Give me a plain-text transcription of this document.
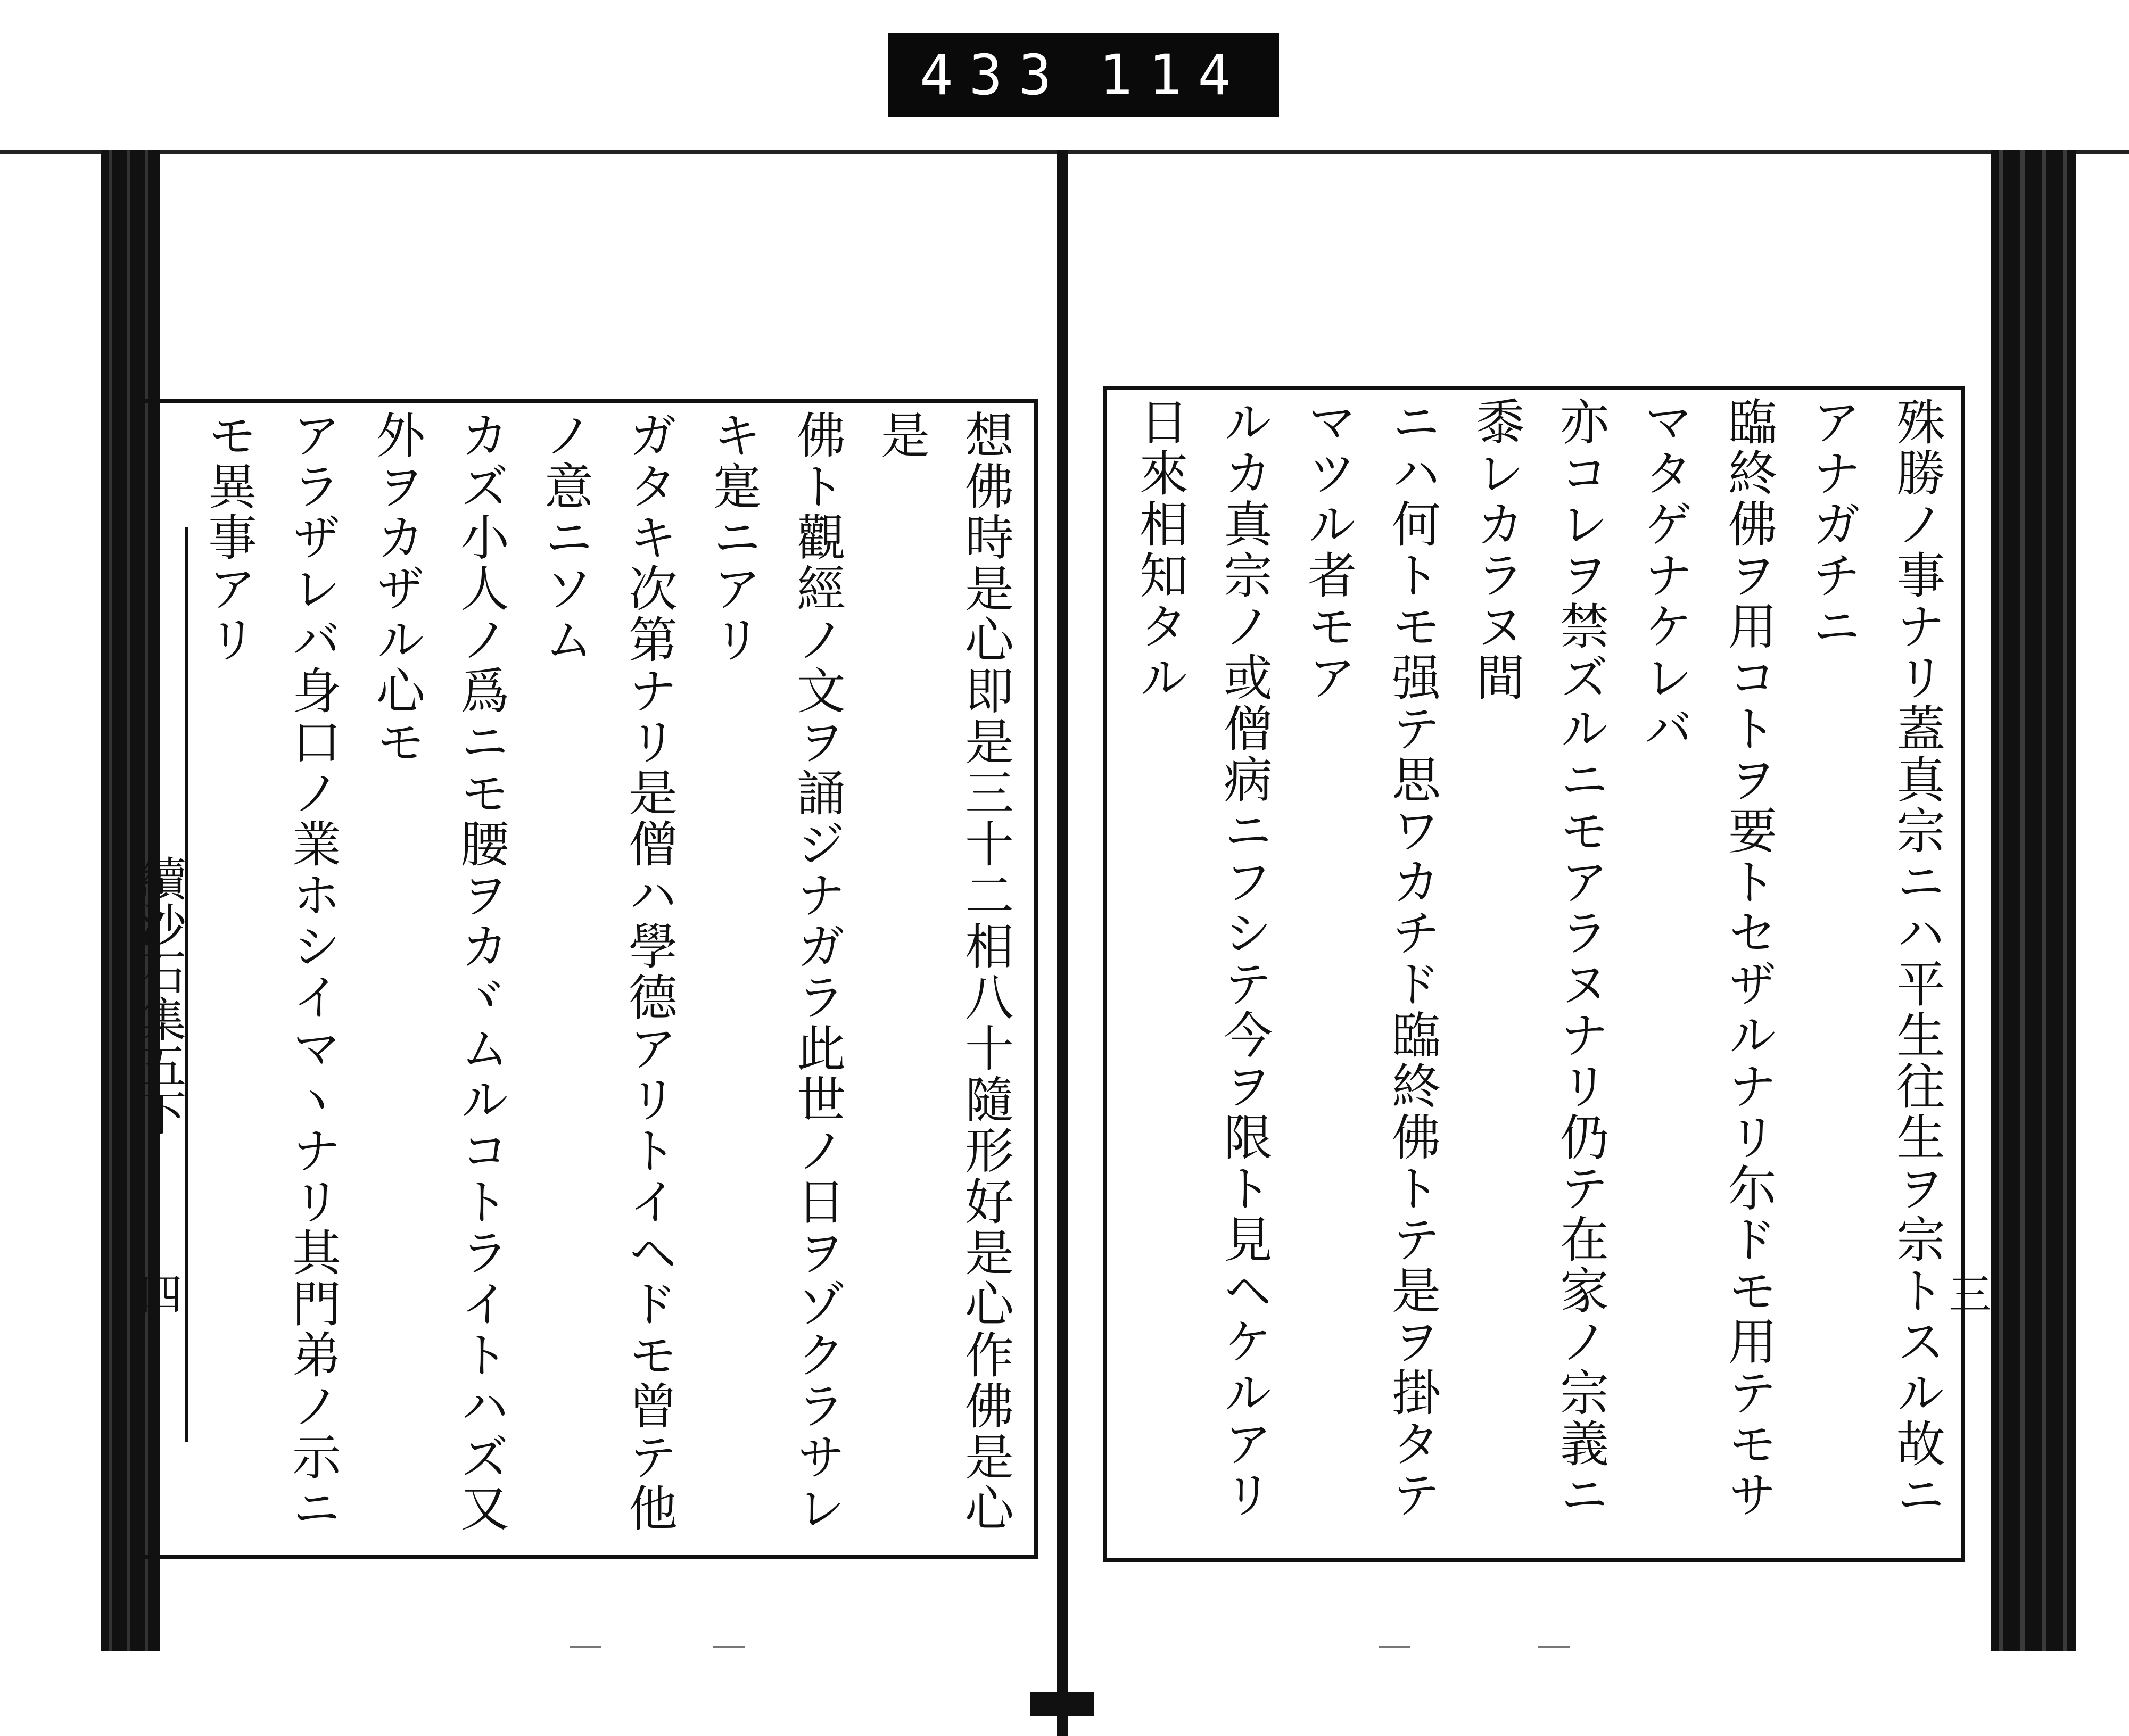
433 114
續沙石集五下
四	三
想佛時是心即是三十二相八十隨形好是心作佛是心是
佛ト觀經ノ文ヲ誦ジナガラ此世ノ日ヲゾクラサレキ寔ニアリ
ガタキ次第ナリ是僧ハ學德アリトイヘドモ曾テ他ノ意ニソム
カズ小人ノ爲ニモ腰ヲカヾムルコトライトハズ又外ヲカザル心モ
アラザレバ身口ノ業ホシイマヽナリ其門弟ノ示ニモ異事アリ	殊勝ノ事ナリ蓋真宗ニハ平生往生ヲ宗トスル故ニアナガチニ
臨終佛ヲ用コトヲ要トセザルナリ尓ドモ用テモサマタゲナケレバ
亦コレヲ禁ズルニモアラヌナリ仍テ在家ノ宗義ニ黍レカラヌ間
ニハ何トモ强テ思ワカチド臨終佛トテ是ヲ掛タテマツル者モア
ルカ真宗ノ或僧病ニフシテ今ヲ限ト見ヘケルアリ日來相知タル
